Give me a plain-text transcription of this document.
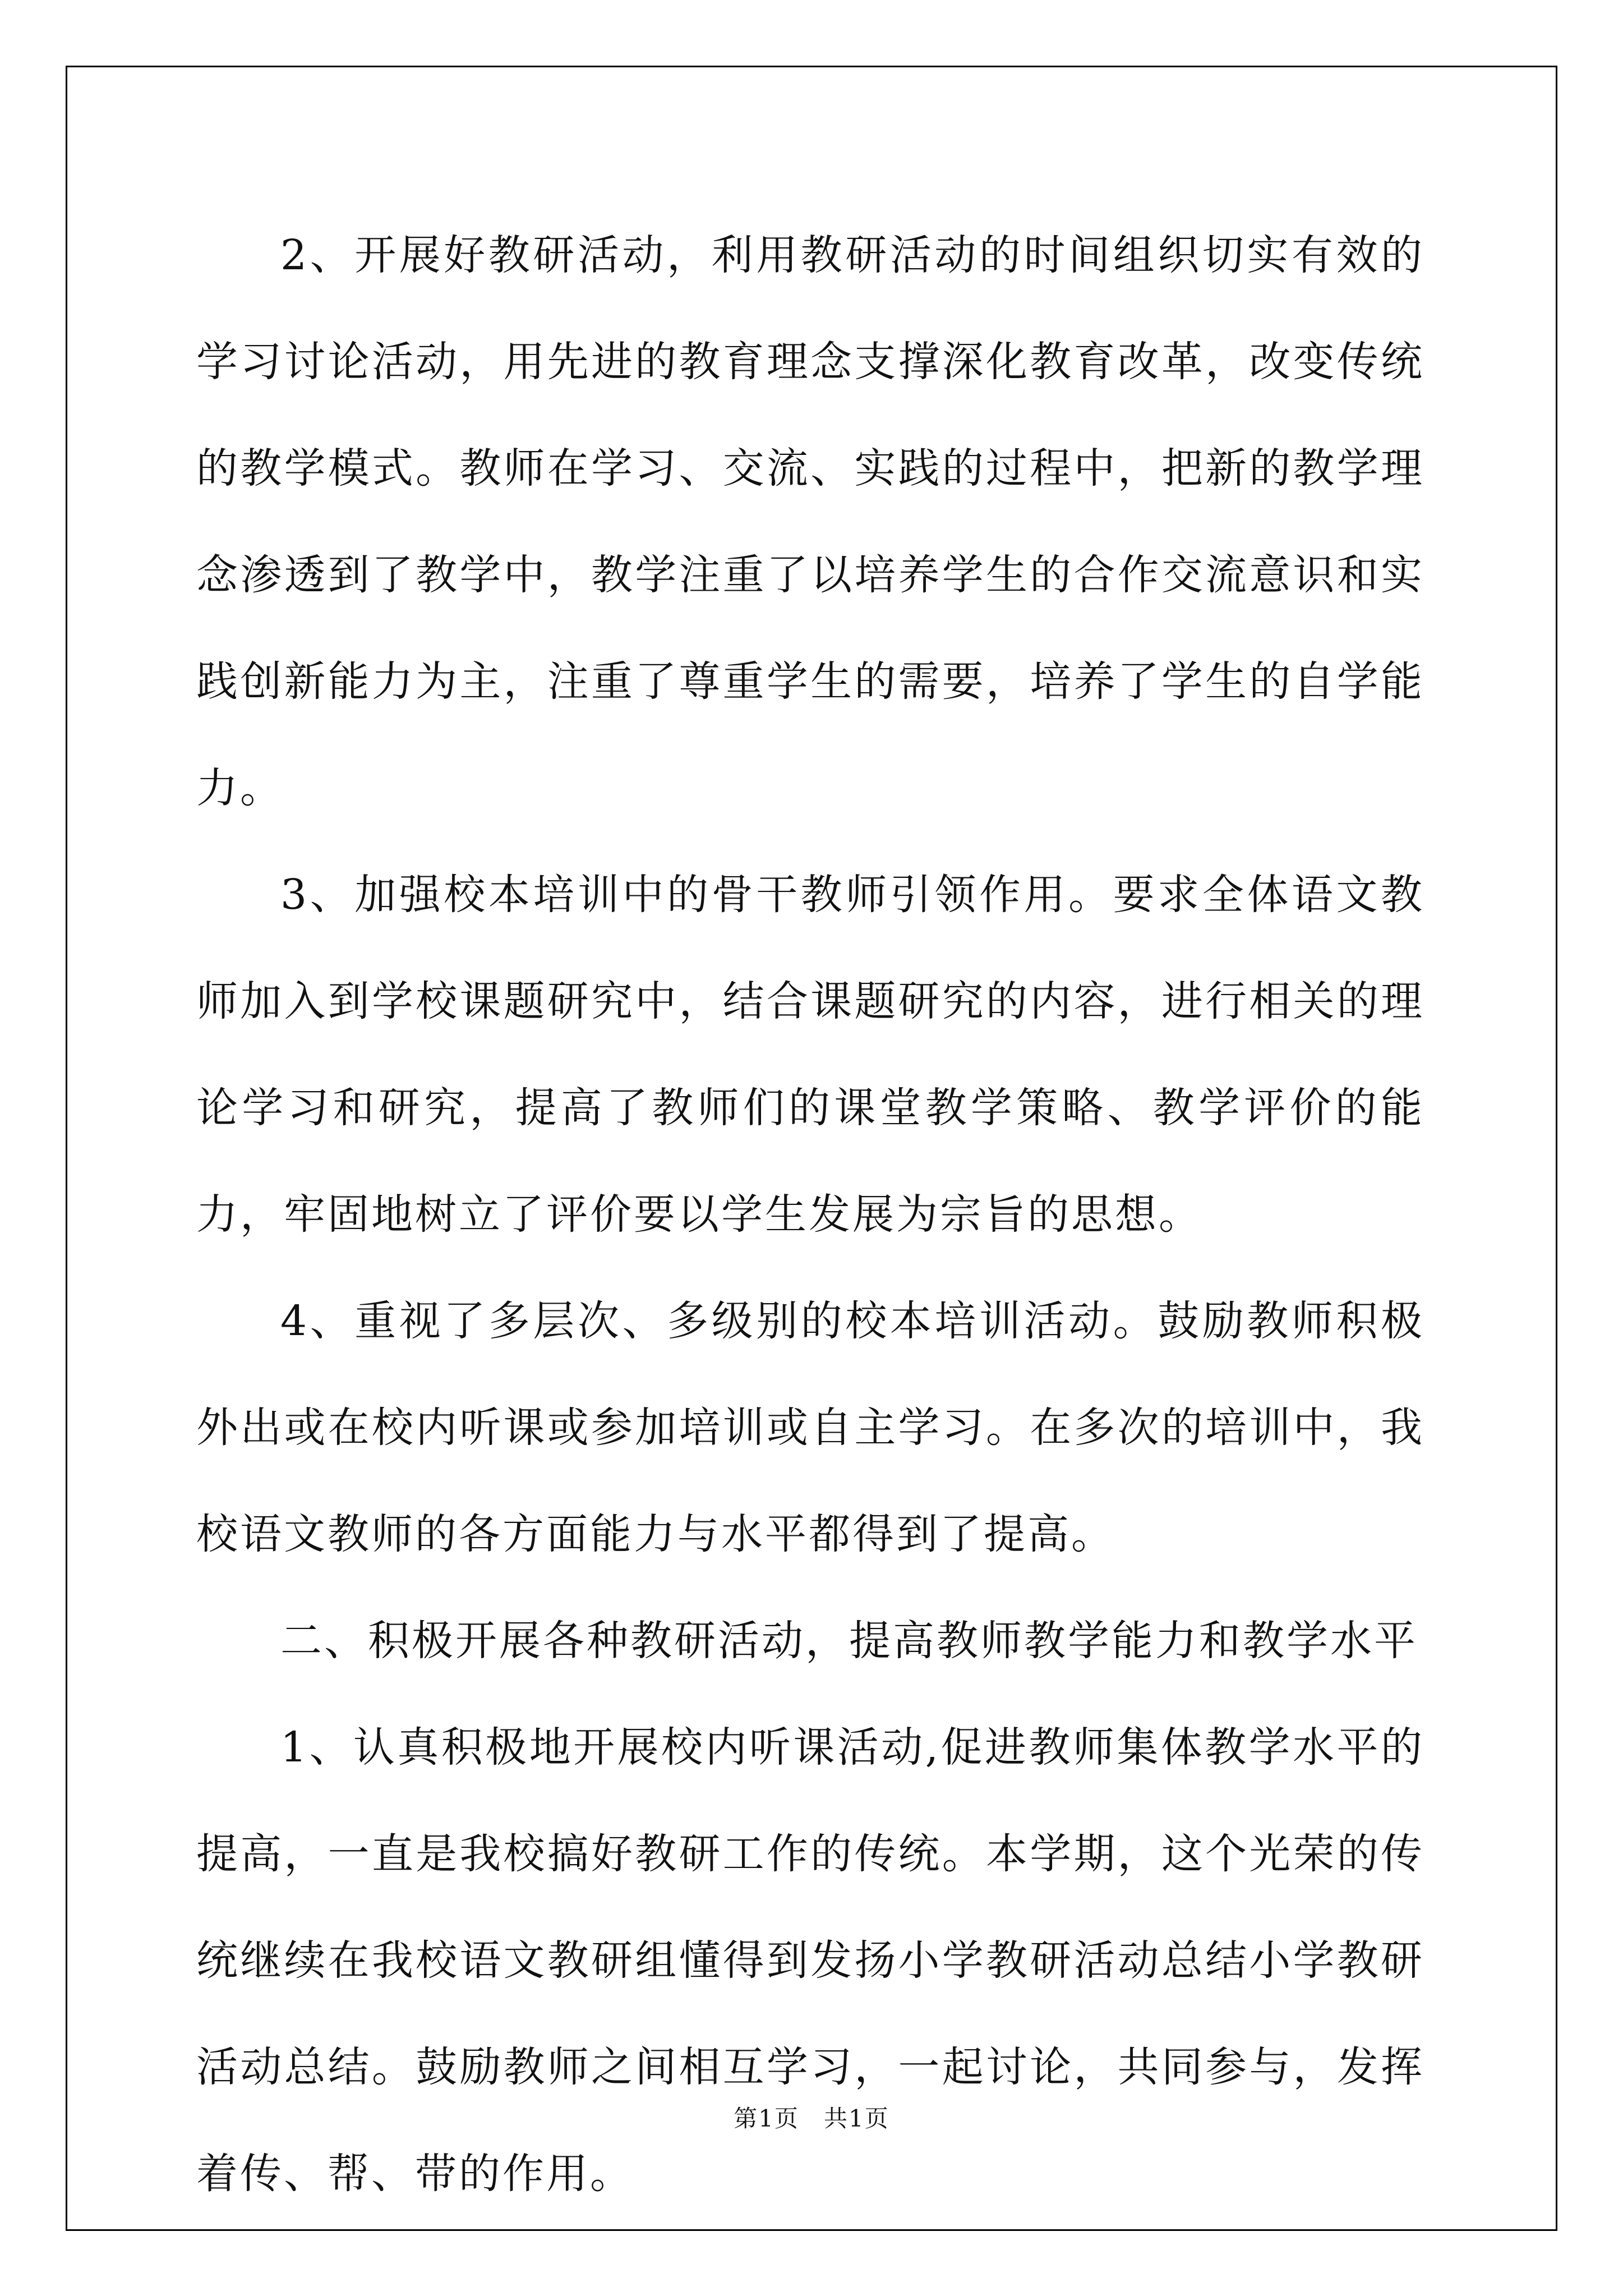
2、开展好教研活动，利用教研活动的时间组织切实有效的学习讨论活动，用先进的教育理念支撑深化教育改革，改变传统的教学模式。教师在学习、交流、实践的过程中，把新的教学理念渗透到了教学中，教学注重了以培养学生的合作交流意识和实践创新能力为主，注重了尊重学生的需要，培养了学生的自学能力。

3、加强校本培训中的骨干教师引领作用。要求全体语文教师加入到学校课题研究中，结合课题研究的内容，进行相关的理论学习和研究，提高了教师们的课堂教学策略、教学评价的能力，牢固地树立了评价要以学生发展为宗旨的思想。

4、重视了多层次、多级别的校本培训活动。鼓励教师积极外出或在校内听课或参加培训或自主学习。在多次的培训中，我校语文教师的各方面能力与水平都得到了提高。

二、积极开展各种教研活动，提高教师教学能力和教学水平

1、认真积极地开展校内听课活动,促进教师集体教学水平的提高，一直是我校搞好教研工作的传统。本学期，这个光荣的传统继续在我校语文教研组懂得到发扬小学教研活动总结小学教研活动总结。鼓励教师之间相互学习，一起讨论，共同参与，发挥着传、帮、带的作用。

第1页　共1页
